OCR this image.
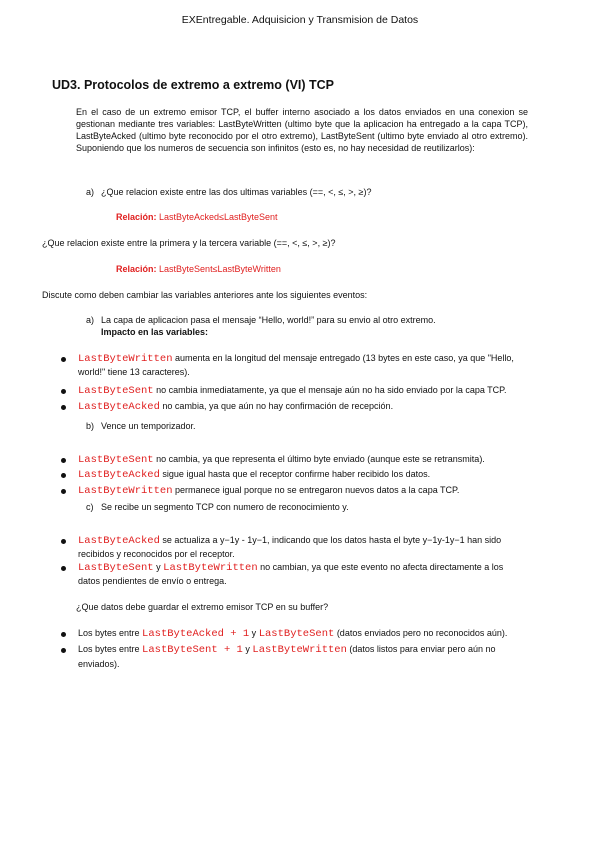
EXEntregable. Adquisicion y Transmision de Datos
UD3. Protocolos de extremo a extremo (VI) TCP
En el caso de un extremo emisor TCP, el buffer interno asociado a los datos enviados en una conexion se gestionan mediante tres variables: LastByteWritten (ultimo byte que la aplicacion ha entregado a la capa TCP), LastByteAcked (ultimo byte reconocido por el otro extremo), LastByteSent (ultimo byte enviado al otro extremo). Suponiendo que los numeros de secuencia son infinitos (esto es, no hay necesidad de reutilizarlos):
a) ¿Que relacion existe entre las dos ultimas variables (==, <, ≤, >, ≥)?
Relación: LastByteAcked≤LastByteSent
¿Que relacion existe entre la primera y la tercera variable (==, <, ≤, >, ≥)?
Relación: LastByteSent≤LastByteWritten
Discute como deben cambiar las variables anteriores ante los siguientes eventos:
a) La capa de aplicacion pasa el mensaje “Hello, world!” para su envio al otro extremo.
Impacto en las variables:
LastByteWritten aumenta en la longitud del mensaje entregado (13 bytes en este caso, ya que "Hello,
world!" tiene 13 caracteres).
LastByteSent no cambia inmediatamente, ya que el mensaje aún no ha sido enviado por la capa TCP.
LastByteAcked no cambia, ya que aún no hay confirmación de recepción.
b) Vence un temporizador.
LastByteSent no cambia, ya que representa el último byte enviado (aunque este se retransmita).
LastByteAcked sigue igual hasta que el receptor confirme haber recibido los datos.
LastByteWritten permanece igual porque no se entregaron nuevos datos a la capa TCP.
c) Se recibe un segmento TCP con numero de reconocimiento y.
LastByteAcked se actualiza a y−1y - 1y−1, indicando que los datos hasta el byte y−1y-1y−1 han sido
recibidos y reconocidos por el receptor.
LastByteSent y LastByteWritten no cambian, ya que este evento no afecta directamente a los
datos pendientes de envío o entrega.
¿Que datos debe guardar el extremo emisor TCP en su buffer?
Los bytes entre LastByteAcked + 1 y LastByteSent (datos enviados pero no reconocidos aún).
Los bytes entre LastByteSent + 1 y LastByteWritten (datos listos para enviar pero aún no
enviados).
